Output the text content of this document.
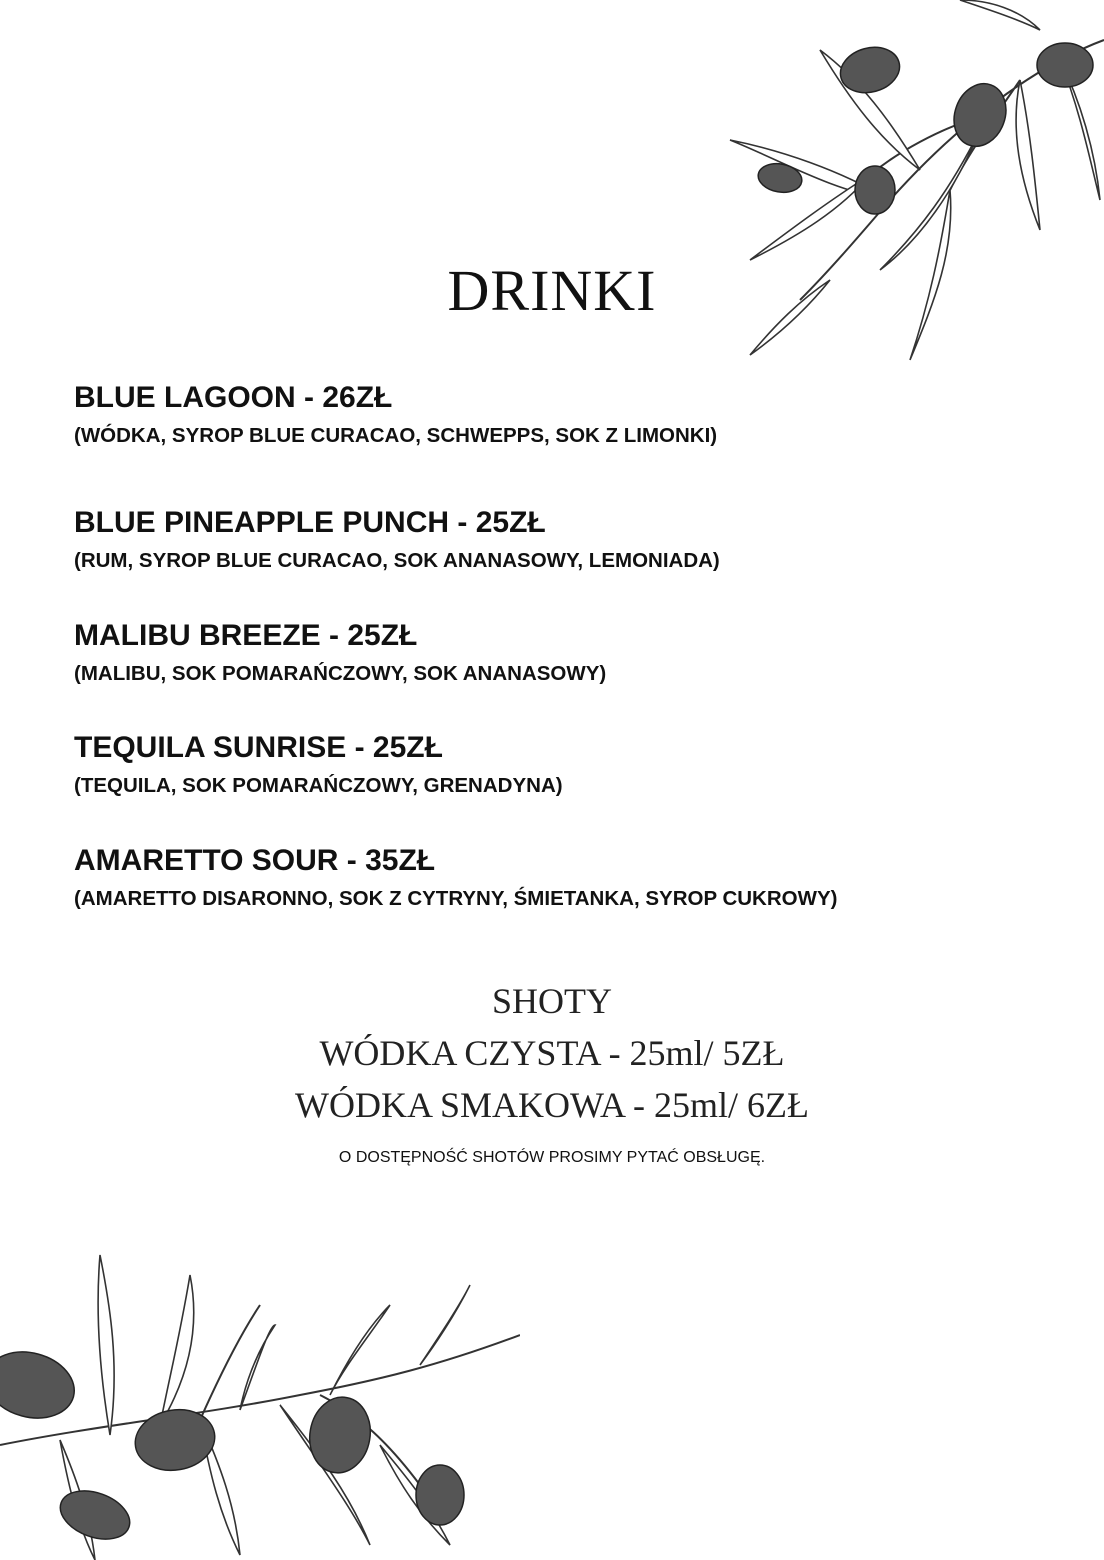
DRINKI
BLUE LAGOON - 26ZŁ
(WÓDKA, SYROP BLUE CURACAO, SCHWEPPS, SOK Z LIMONKI)
BLUE PINEAPPLE PUNCH - 25ZŁ
(RUM, SYROP BLUE CURACAO, SOK ANANASOWY, LEMONIADA)
MALIBU BREEZE - 25ZŁ
(MALIBU, SOK POMARAŃCZOWY, SOK ANANASOWY)
TEQUILA SUNRISE - 25ZŁ
(TEQUILA, SOK POMARAŃCZOWY, GRENADYNA)
AMARETTO SOUR - 35ZŁ
(AMARETTO DISARONNO, SOK Z CYTRYNY, ŚMIETANKA, SYROP CUKROWY)
SHOTY
WÓDKA CZYSTA - 25ml/ 5ZŁ
WÓDKA SMAKOWA - 25ml/ 6ZŁ
O DOSTĘPNOŚĆ SHOTÓW PROSIMY PYTAĆ OBSŁUGĘ.
